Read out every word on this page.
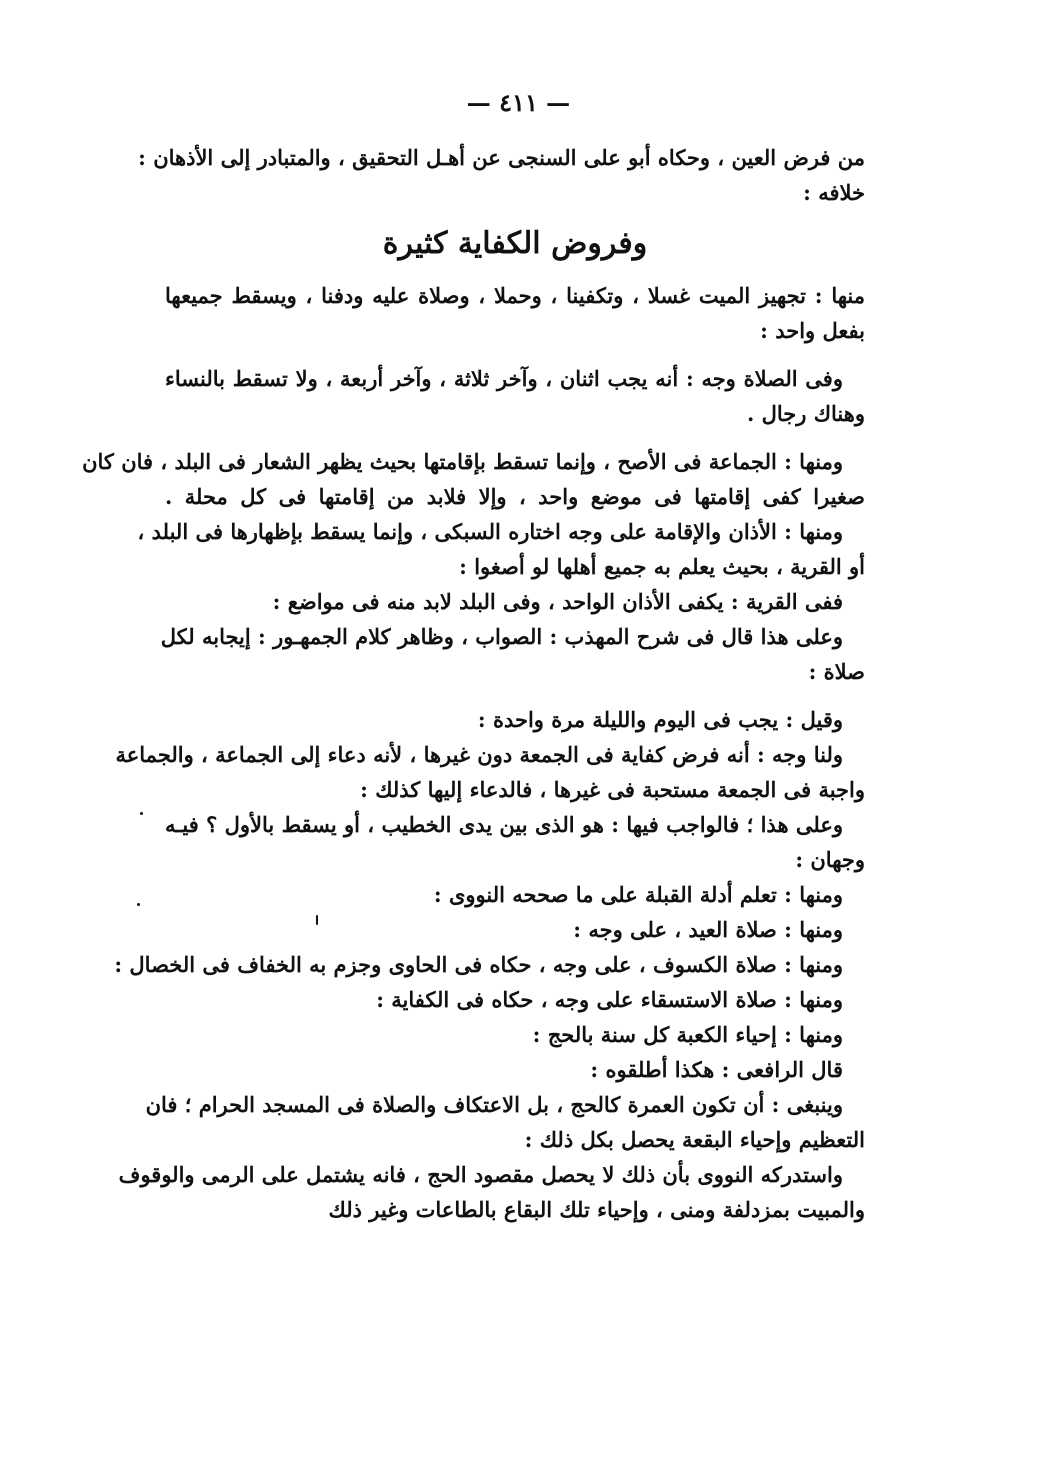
— ٤١١ —
من فرض العين ، وحكاه أبو على السنجى عن أهـل التحقيق ، والمتبادر إلى الأذهان :
خلافه :
وفروض الكفاية كثيرة
منها : تجهيز الميت غسلا ، وتكفينا ، وحملا ، وصلاة عليه ودفنا ، ويسقط جميعها
بفعل واحد :
وفى الصلاة وجه : أنه يجب اثنان ، وآخر ثلاثة ، وآخر أربعة ، ولا تسقط بالنساء
وهناك رجال .
ومنها : الجماعة فى الأصح ، وإنما تسقط بإقامتها بحيث يظهر الشعار فى البلد ، فان كان
صغيرا كفى إقامتها فى موضع واحد ، وإلا فلابد من إقامتها فى كل محلة .
ومنها : الأذان والإقامة على وجه اختاره السبكى ، وإنما يسقط بإظهارها فى البلد ،
أو القرية ، بحيث يعلم به جميع أهلها لو أصغوا :
ففى القرية : يكفى الأذان الواحد ، وفى البلد لابد منه فى مواضع :
وعلى هذا قال فى شرح المهذب : الصواب ، وظاهر كلام الجمهـور : إيجابه لكل
صلاة :
وقيل : يجب فى اليوم والليلة مرة واحدة :
ولنا وجه : أنه فرض كفاية فى الجمعة دون غيرها ، لأنه دعاء إلى الجماعة ، والجماعة
واجبة فى الجمعة مستحبة فى غيرها ، فالدعاء إليها كذلك :
وعلى هذا ؛ فالواجب فيها : هو الذى بين يدى الخطيب ، أو يسقط بالأول ؟ فيـه
وجهان :
ومنها : تعلم أدلة القبلة على ما صححه النووى :
ومنها : صلاة العيد ، على وجه :
ومنها : صلاة الكسوف ، على وجه ، حكاه فى الحاوى وجزم به الخفاف فى الخصال :
ومنها : صلاة الاستسقاء على وجه ، حكاه فى الكفاية :
ومنها : إحياء الكعبة كل سنة بالحج :
قال الرافعى : هكذا أطلقوه :
وينبغى : أن تكون العمرة كالحج ، بل الاعتكاف والصلاة فى المسجد الحرام ؛ فان
التعظيم وإحياء البقعة يحصل بكل ذلك :
واستدركه النووى بأن ذلك لا يحصل مقصود الحج ، فانه يشتمل على الرمى والوقوف
والمبيت بمزدلفة ومنى ، وإحياء تلك البقاع بالطاعات وغير ذلك
